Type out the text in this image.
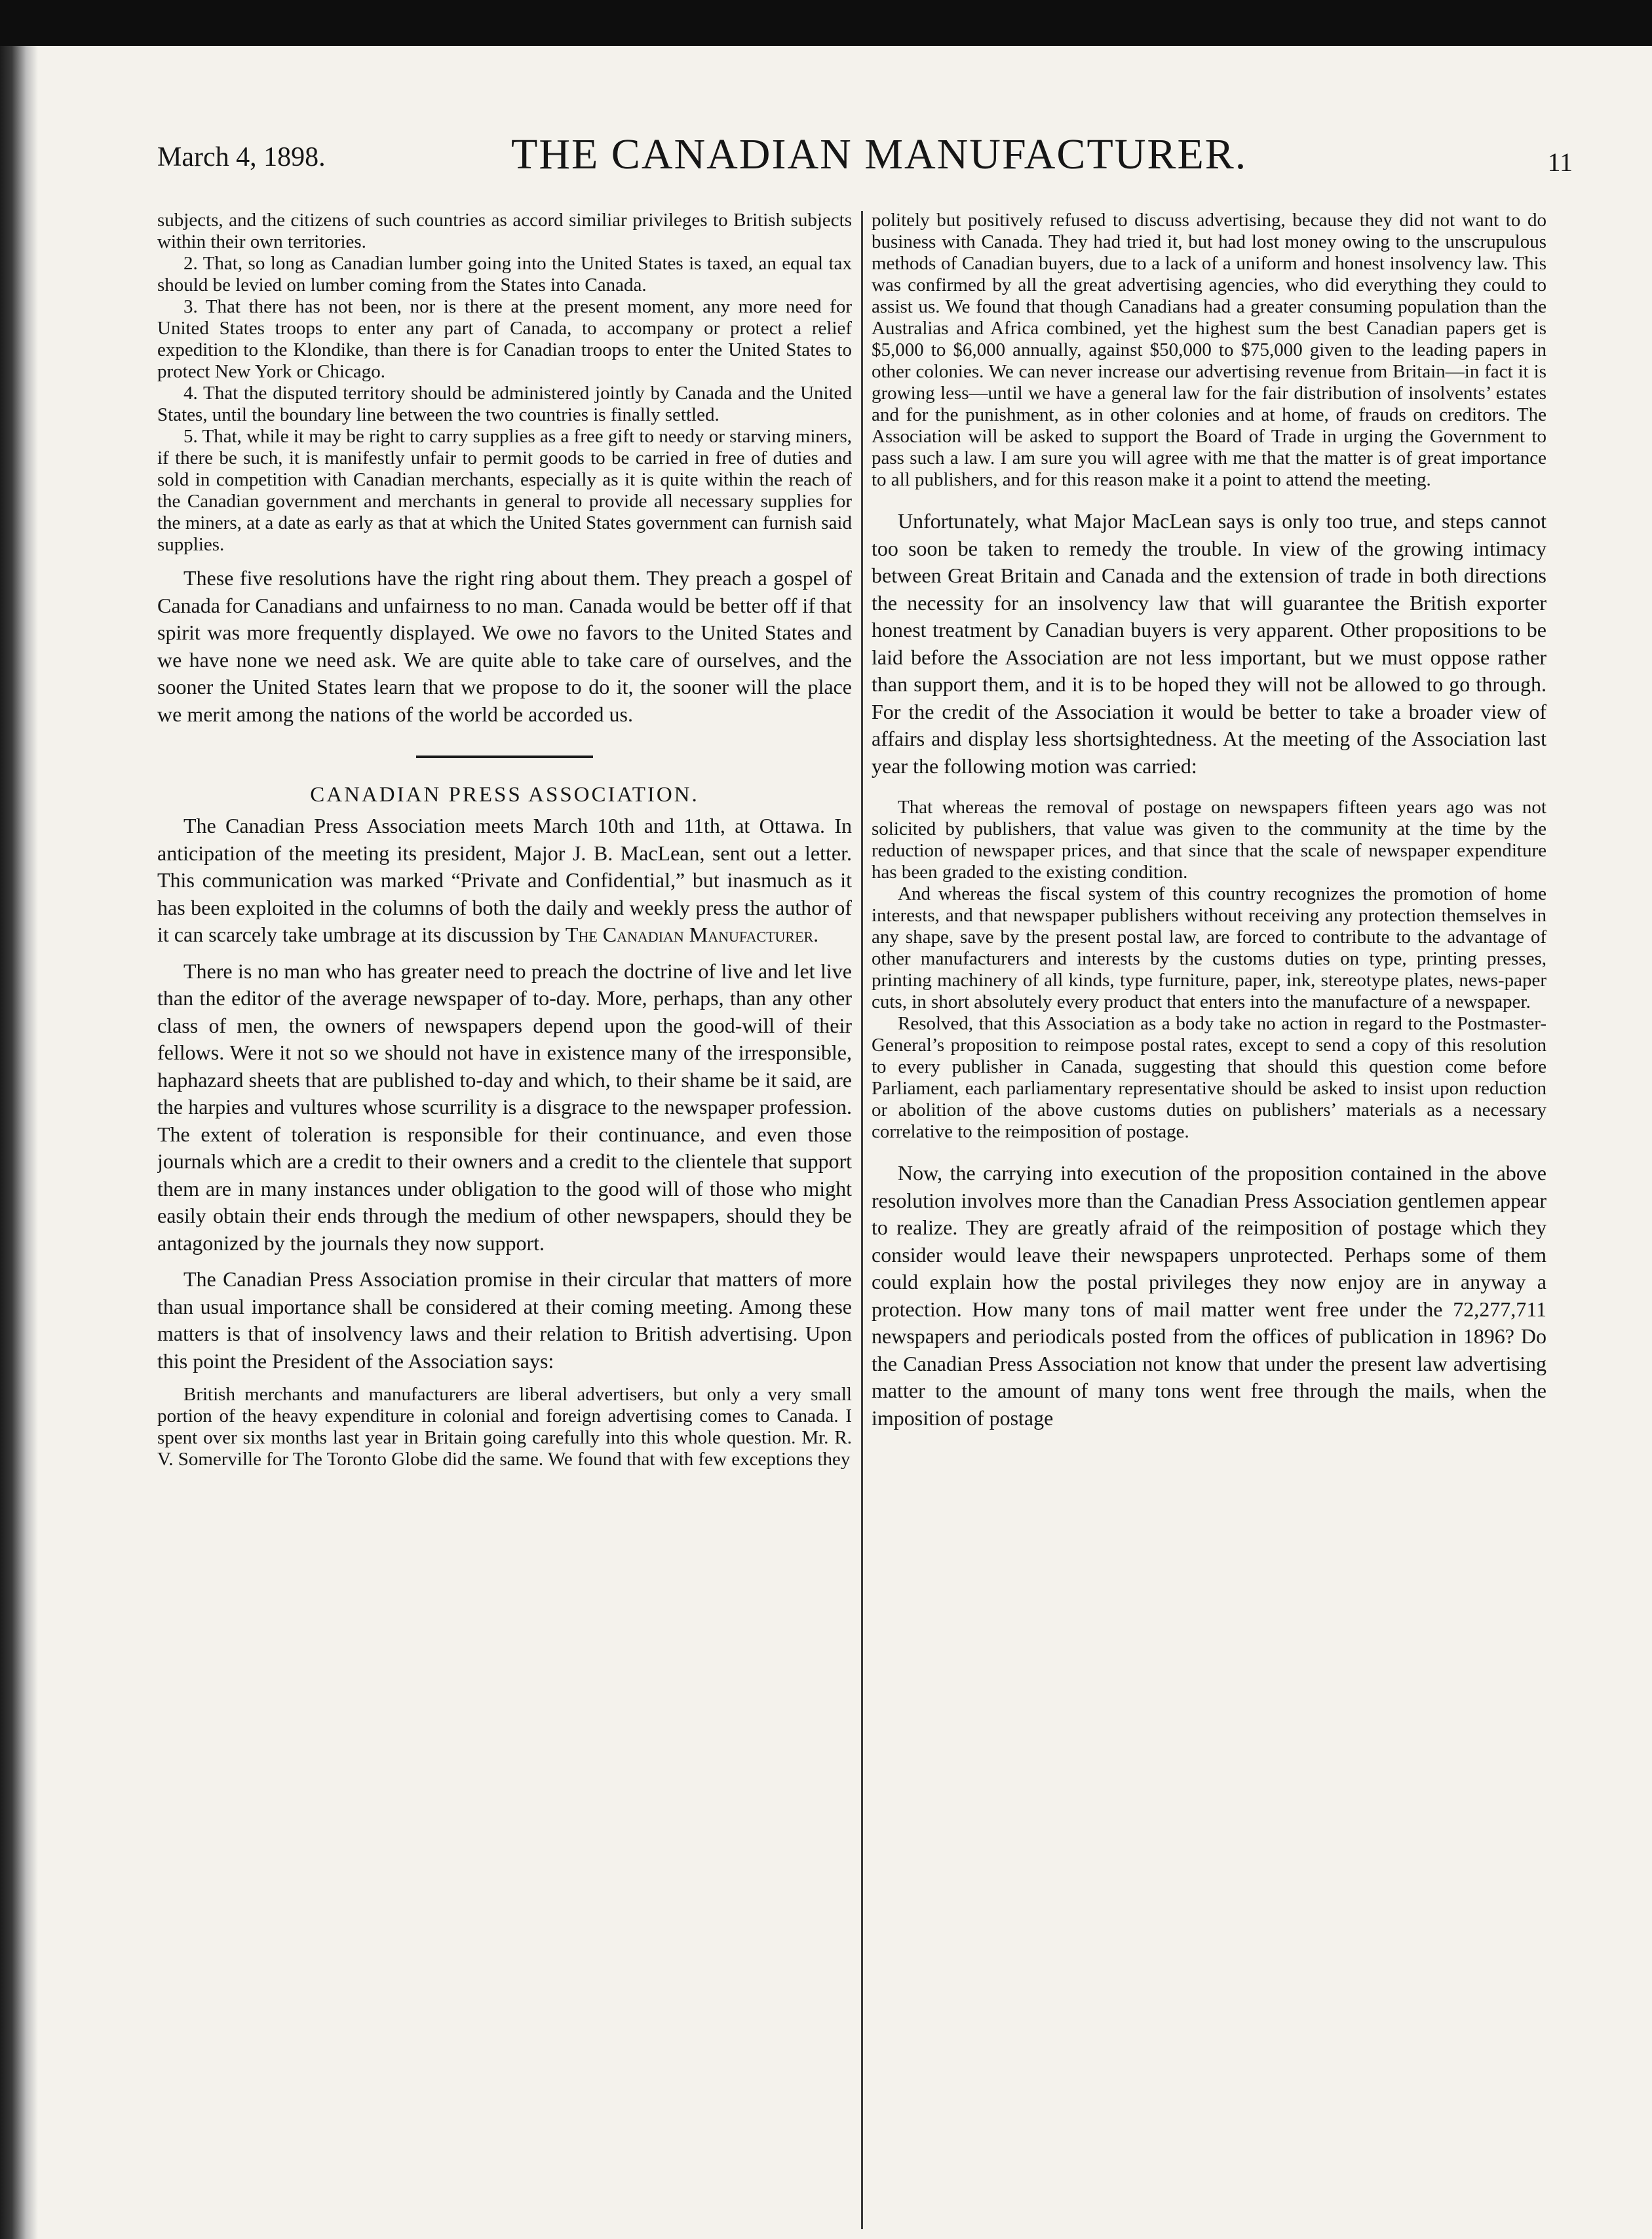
March 4, 1898.	THE CANADIAN MANUFACTURER.	11

subjects, and the citizens of such countries as accord similiar privileges to British subjects within their own territories.

2. That, so long as Canadian lumber going into the United States is taxed, an equal tax should be levied on lumber coming from the States into Canada.

3. That there has not been, nor is there at the present moment, any more need for United States troops to enter any part of Canada, to accompany or protect a relief expedition to the Klondike, than there is for Canadian troops to enter the United States to protect New York or Chicago.

4. That the disputed territory should be administered jointly by Canada and the United States, until the boundary line between the two countries is finally settled.

5. That, while it may be right to carry supplies as a free gift to needy or starving miners, if there be such, it is manifestly unfair to permit goods to be carried in free of duties and sold in competition with Canadian merchants, especially as it is quite within the reach of the Canadian government and merchants in general to provide all necessary supplies for the miners, at a date as early as that at which the United States government can furnish said supplies.

These five resolutions have the right ring about them. They preach a gospel of Canada for Canadians and unfairness to no man. Canada would be better off if that spirit was more frequently displayed. We owe no favors to the United States and we have none we need ask. We are quite able to take care of ourselves, and the sooner the United States learn that we propose to do it, the sooner will the place we merit among the nations of the world be accorded us.

CANADIAN PRESS ASSOCIATION.

The Canadian Press Association meets March 10th and 11th, at Ottawa. In anticipation of the meeting its president, Major J. B. MacLean, sent out a letter. This communication was marked “Private and Confidential,” but inasmuch as it has been exploited in the columns of both the daily and weekly press the author of it can scarcely take umbrage at its discussion by The Canadian Manufacturer.

There is no man who has greater need to preach the doctrine of live and let live than the editor of the average newspaper of to-day. More, perhaps, than any other class of men, the owners of newspapers depend upon the good-will of their fellows. Were it not so we should not have in existence many of the irresponsible, haphazard sheets that are published to-day and which, to their shame be it said, are the harpies and vultures whose scurrility is a disgrace to the newspaper profession. The extent of toleration is responsible for their continuance, and even those journals which are a credit to their owners and a credit to the clientele that support them are in many instances under obligation to the good will of those who might easily obtain their ends through the medium of other newspapers, should they be antagonized by the journals they now support.

The Canadian Press Association promise in their circular that matters of more than usual importance shall be considered at their coming meeting. Among these matters is that of insolvency laws and their relation to British advertising. Upon this point the President of the Association says:

British merchants and manufacturers are liberal advertisers, but only a very small portion of the heavy expenditure in colonial and foreign advertising comes to Canada. I spent over six months last year in Britain going carefully into this whole question. Mr. R. V. Somerville for The Toronto Globe did the same. We found that with few exceptions they

politely but positively refused to discuss advertising, because they did not want to do business with Canada. They had tried it, but had lost money owing to the unscrupulous methods of Canadian buyers, due to a lack of a uniform and honest insolvency law. This was confirmed by all the great advertising agencies, who did everything they could to assist us. We found that though Canadians had a greater consuming population than the Australias and Africa combined, yet the highest sum the best Canadian papers get is $5,000 to $6,000 annually, against $50,000 to $75,000 given to the leading papers in other colonies. We can never increase our advertising revenue from Britain—in fact it is growing less—until we have a general law for the fair distribution of insolvents’ estates and for the punishment, as in other colonies and at home, of frauds on creditors. The Association will be asked to support the Board of Trade in urging the Government to pass such a law. I am sure you will agree with me that the matter is of great importance to all publishers, and for this reason make it a point to attend the meeting.

Unfortunately, what Major MacLean says is only too true, and steps cannot too soon be taken to remedy the trouble. In view of the growing intimacy between Great Britain and Canada and the extension of trade in both directions the necessity for an insolvency law that will guarantee the British exporter honest treatment by Canadian buyers is very apparent. Other propositions to be laid before the Association are not less important, but we must oppose rather than support them, and it is to be hoped they will not be allowed to go through. For the credit of the Association it would be better to take a broader view of affairs and display less shortsightedness. At the meeting of the Association last year the following motion was carried:

That whereas the removal of postage on newspapers fifteen years ago was not solicited by publishers, that value was given to the community at the time by the reduction of newspaper prices, and that since that the scale of newspaper expenditure has been graded to the existing condition.

And whereas the fiscal system of this country recognizes the promotion of home interests, and that newspaper publishers without receiving any protection themselves in any shape, save by the present postal law, are forced to contribute to the advantage of other manufacturers and interests by the customs duties on type, printing presses, printing machinery of all kinds, type furniture, paper, ink, stereotype plates, news-paper cuts, in short absolutely every product that enters into the manufacture of a newspaper.

Resolved, that this Association as a body take no action in regard to the Postmaster-General’s proposition to reimpose postal rates, except to send a copy of this resolution to every publisher in Canada, suggesting that should this question come before Parliament, each parliamentary representative should be asked to insist upon reduction or abolition of the above customs duties on publishers’ materials as a necessary correlative to the reimposition of postage.

Now, the carrying into execution of the proposition contained in the above resolution involves more than the Canadian Press Association gentlemen appear to realize. They are greatly afraid of the reimposition of postage which they consider would leave their newspapers unprotected. Perhaps some of them could explain how the postal privileges they now enjoy are in anyway a protection. How many tons of mail matter went free under the 72,277,711 newspapers and periodicals posted from the offices of publication in 1896? Do the Canadian Press Association not know that under the present law advertising matter to the amount of many tons went free through the mails, when the imposition of postage
